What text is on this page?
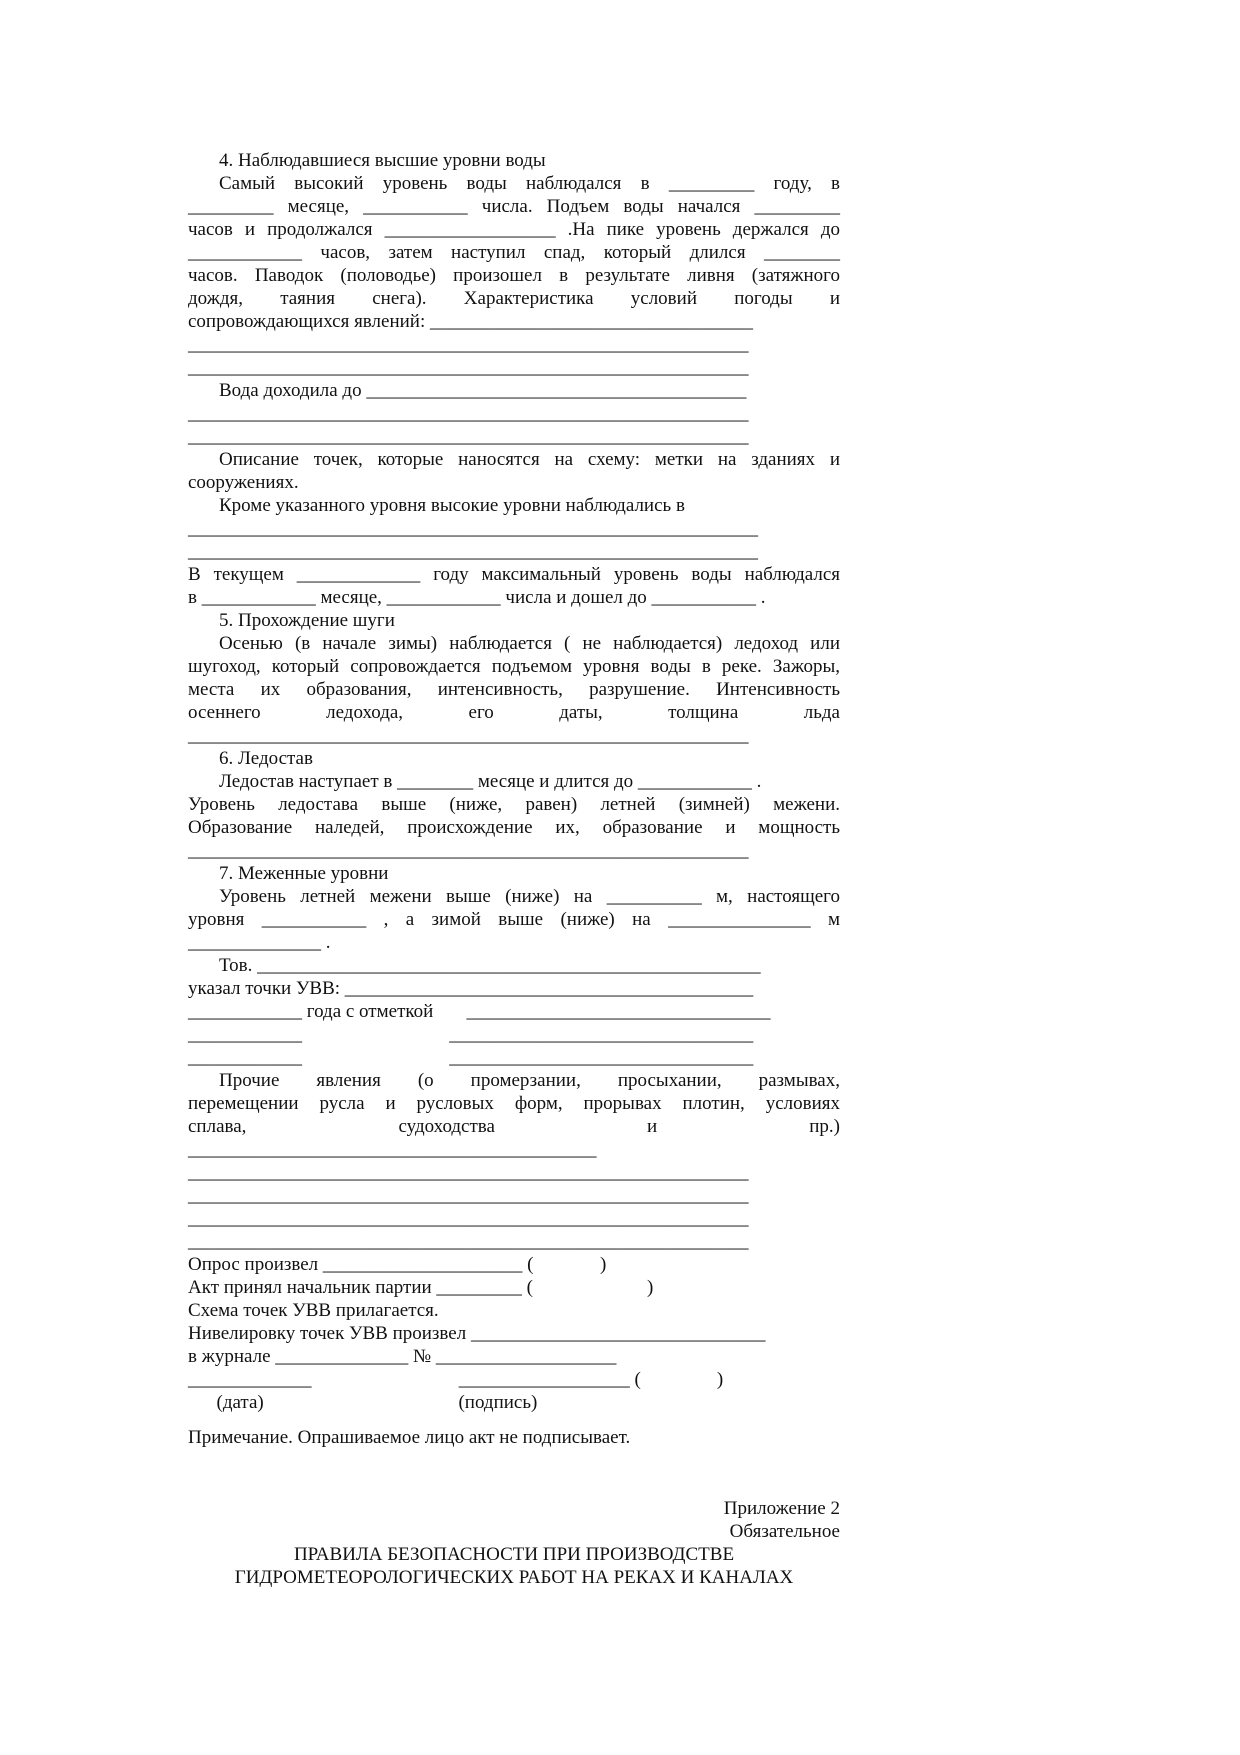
4. Наблюдавшиеся высшие уровни воды
Самый высокий уровень воды наблюдался в _________ году, в
_________ месяце, ___________ числа. Подъем воды начался _________
часов и продолжался __________________ .На пике уровень держался до
____________ часов, затем наступил спад, который длился ________
часов. Паводок (половодье) произошел в результате ливня (затяжного
дождя, таяния снега). Характеристика условий погоды и
сопровождающихся явлений: __________________________________
___________________________________________________________
___________________________________________________________
Вода доходила до ________________________________________
___________________________________________________________
___________________________________________________________
Описание точек, которые наносятся на схему: метки на зданиях и
сооружениях.
Кроме указанного уровня высокие уровни наблюдались в
____________________________________________________________
____________________________________________________________
В текущем _____________ году максимальный уровень воды наблюдался
в ____________ месяце, ____________ числа и дошел до ___________ .
5. Прохождение шуги
Осенью (в начале зимы) наблюдается ( не наблюдается) ледоход или
шугоход, который сопровождается подъемом уровня воды в реке. Зажоры,
места их образования, интенсивность, разрушение. Интенсивность
осеннего ледохода, его даты, толщина льда
___________________________________________________________
6. Ледостав
Ледостав наступает в ________ месяце и длится до ____________ .
Уровень ледостава выше (ниже, равен) летней (зимней) межени.
Образование наледей, происхождение их, образование и мощность
___________________________________________________________
7. Меженные уровни
Уровень летней межени выше (ниже) на __________ м, настоящего
уровня ___________ , а зимой выше (ниже) на _______________ м
______________ .
Тов. _____________________________________________________
указал точки УВВ: ___________________________________________
____________ года с отметкой       ________________________________
____________                               ________________________________
____________                               ________________________________
Прочие явления (о промерзании, просыхании, размывах,
перемещении русла и русловых форм, прорывах плотин, условиях
сплава, судоходства и пр.)
___________________________________________
___________________________________________________________
___________________________________________________________
___________________________________________________________
___________________________________________________________
Опрос произвел _____________________ (              )
Акт принял начальник партии _________ (                        )
Схема точек УВВ прилагается.
Нивелировку точек УВВ произвел _______________________________
в журнале ______________ № ___________________
_____________                               __________________ (                )
(дата)                                         (подпись)
Примечание. Опрашиваемое лицо акт не подписывает.
Приложение 2
Обязательное
ПРАВИЛА БЕЗОПАСНОСТИ ПРИ ПРОИЗВОДСТВЕ
ГИДРОМЕТЕОРОЛОГИЧЕСКИХ РАБОТ НА РЕКАХ И КАНАЛАХ
